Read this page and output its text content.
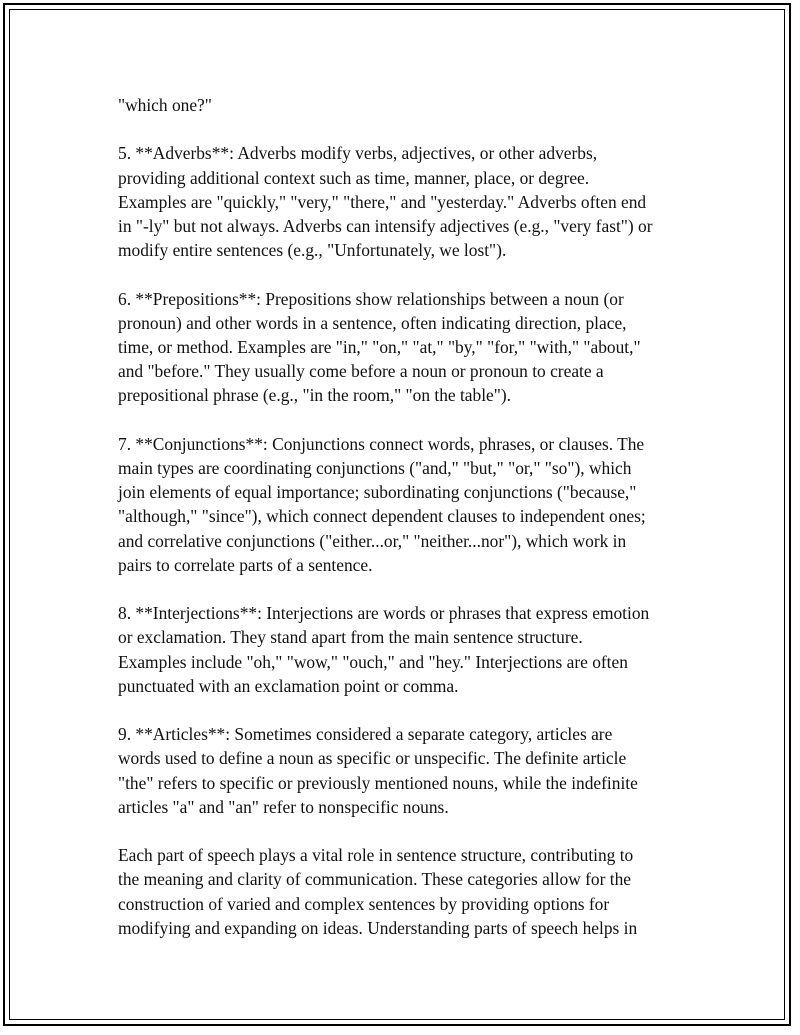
"which one?"

5. **Adverbs**: Adverbs modify verbs, adjectives, or other adverbs,
providing additional context such as time, manner, place, or degree.
Examples are "quickly," "very," "there," and "yesterday." Adverbs often end
in "-ly" but not always. Adverbs can intensify adjectives (e.g., "very fast") or
modify entire sentences (e.g., "Unfortunately, we lost").

6. **Prepositions**: Prepositions show relationships between a noun (or
pronoun) and other words in a sentence, often indicating direction, place,
time, or method. Examples are "in," "on," "at," "by," "for," "with," "about,"
and "before." They usually come before a noun or pronoun to create a
prepositional phrase (e.g., "in the room," "on the table").

7. **Conjunctions**: Conjunctions connect words, phrases, or clauses. The
main types are coordinating conjunctions ("and," "but," "or," "so"), which
join elements of equal importance; subordinating conjunctions ("because,"
"although," "since"), which connect dependent clauses to independent ones;
and correlative conjunctions ("either...or," "neither...nor"), which work in
pairs to correlate parts of a sentence.

8. **Interjections**: Interjections are words or phrases that express emotion
or exclamation. They stand apart from the main sentence structure.
Examples include "oh," "wow," "ouch," and "hey." Interjections are often
punctuated with an exclamation point or comma.

9. **Articles**: Sometimes considered a separate category, articles are
words used to define a noun as specific or unspecific. The definite article
"the" refers to specific or previously mentioned nouns, while the indefinite
articles "a" and "an" refer to nonspecific nouns.

Each part of speech plays a vital role in sentence structure, contributing to
the meaning and clarity of communication. These categories allow for the
construction of varied and complex sentences by providing options for
modifying and expanding on ideas. Understanding parts of speech helps in
